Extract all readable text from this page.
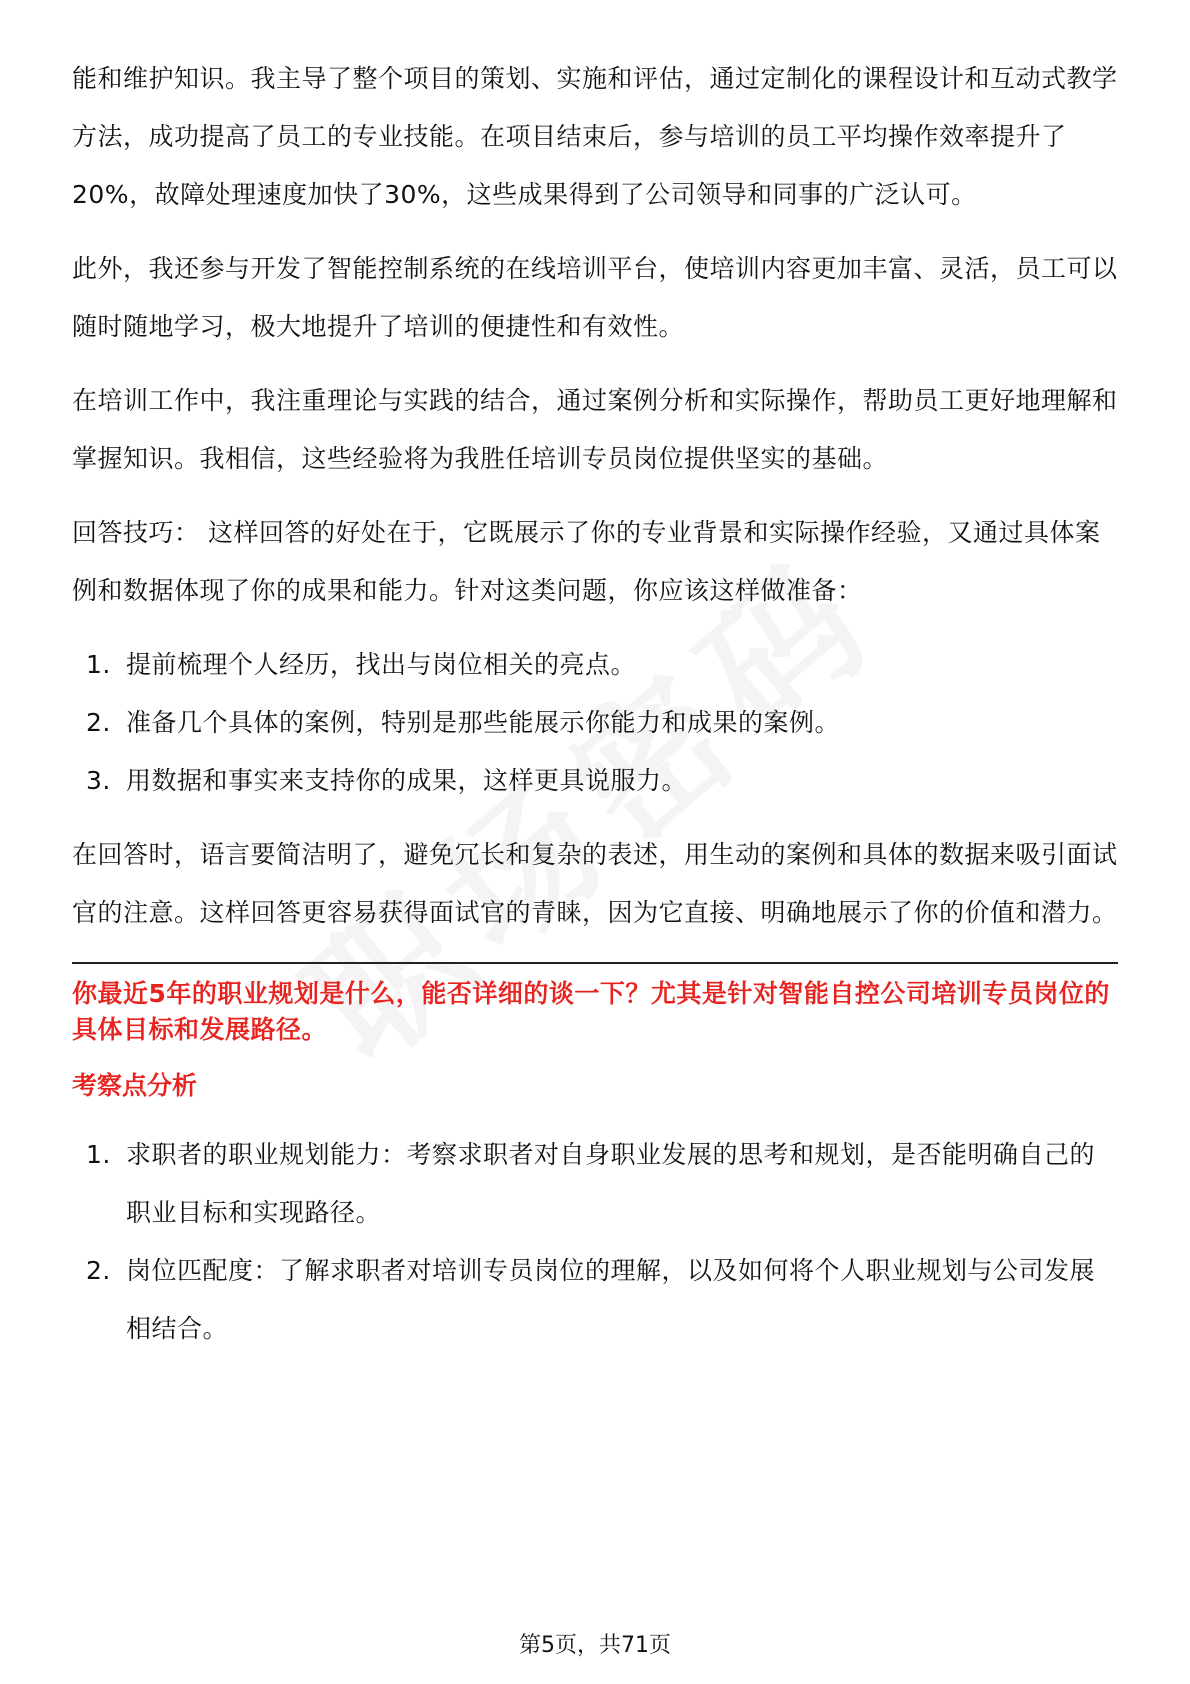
能和维护知识。我主导了整个项目的策划、实施和评估，通过定制化的课程设计和互动式教学方法，成功提高了员工的专业技能。在项目结束后，参与培训的员工平均操作效率提升了20%，故障处理速度加快了30%，这些成果得到了公司领导和同事的广泛认可。

此外，我还参与开发了智能控制系统的在线培训平台，使培训内容更加丰富、灵活，员工可以随时随地学习，极大地提升了培训的便捷性和有效性。

在培训工作中，我注重理论与实践的结合，通过案例分析和实际操作，帮助员工更好地理解和掌握知识。我相信，这些经验将为我胜任培训专员岗位提供坚实的基础。

回答技巧： 这样回答的好处在于，它既展示了你的专业背景和实际操作经验，又通过具体案例和数据体现了你的成果和能力。针对这类问题，你应该这样做准备：

1. 提前梳理个人经历，找出与岗位相关的亮点。
2. 准备几个具体的案例，特别是那些能展示你能力和成果的案例。
3. 用数据和事实来支持你的成果，这样更具说服力。

在回答时，语言要简洁明了，避免冗长和复杂的表述，用生动的案例和具体的数据来吸引面试官的注意。这样回答更容易获得面试官的青睐，因为它直接、明确地展示了你的价值和潜力。

你最近5年的职业规划是什么，能否详细的谈一下？尤其是针对智能自控公司培训专员岗位的具体目标和发展路径。

考察点分析

1. 求职者的职业规划能力：考察求职者对自身职业发展的思考和规划，是否能明确自己的职业目标和实现路径。
2. 岗位匹配度：了解求职者对培训专员岗位的理解，以及如何将个人职业规划与公司发展相结合。
第5页，共71页
